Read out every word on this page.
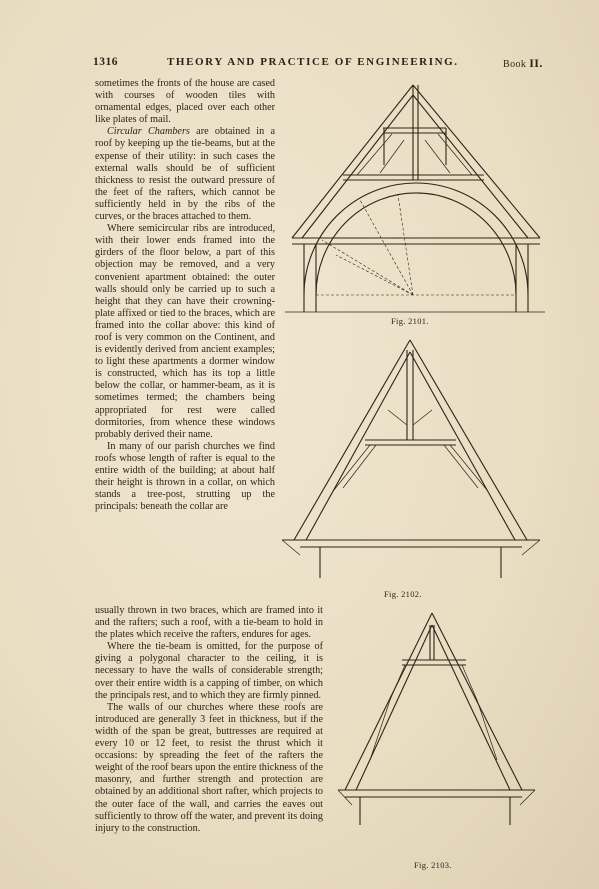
1316	THEORY AND PRACTICE OF ENGINEERING.	Book II.

sometimes the fronts of the house are cased with courses of wooden tiles with ornamental edges, placed over each other like plates of mail.

Circular Chambers are obtained in a roof by keeping up the tie-beams, but at the expense of their utility: in such cases the external walls should be of sufficient thickness to resist the outward pressure of the feet of the rafters, which cannot be sufficiently held in by the ribs of the curves, or the braces attached to them.

Where semicircular ribs are introduced, with their lower ends framed into the girders of the floor below, a part of this objection may be removed, and a very convenient apartment obtained: the outer walls should only be carried up to such a height that they can have their crowning-plate affixed or tied to the braces, which are framed into the collar above: this kind of roof is very common on the Continent, and is evidently derived from ancient examples; to light these apartments a dormer window is constructed, which has its top a little below the collar, or hammer-beam, as it is sometimes termed; the chambers being appropriated for rest were called dormitories, from whence these windows probably derived their name.

In many of our parish churches we find roofs whose length of rafter is equal to the entire width of the building; at about half their height is thrown in a collar, on which stands a tree-post, strutting up the principals: beneath the collar are

usually thrown in two braces, which are framed into it and the rafters; such a roof, with a tie-beam to hold in the plates which receive the rafters, endures for ages.

Where the tie-beam is omitted, for the purpose of giving a polygonal character to the ceiling, it is necessary to have the walls of considerable strength; over their entire width is a capping of timber, on which the principals rest, and to which they are firmly pinned.

The walls of our churches where these roofs are introduced are generally 3 feet in thickness, but if the width of the span be great, buttresses are required at every 10 or 12 feet, to resist the thrust which it occasions: by spreading the feet of the rafters the weight of the roof bears upon the entire thickness of the masonry, and further strength and protection are obtained by an additional short rafter, which projects to the outer face of the wall, and carries the eaves out sufficiently to throw off the water, and prevent its doing injury to the construction.

Fig. 2101.
Fig. 2102.
Fig. 2103.
